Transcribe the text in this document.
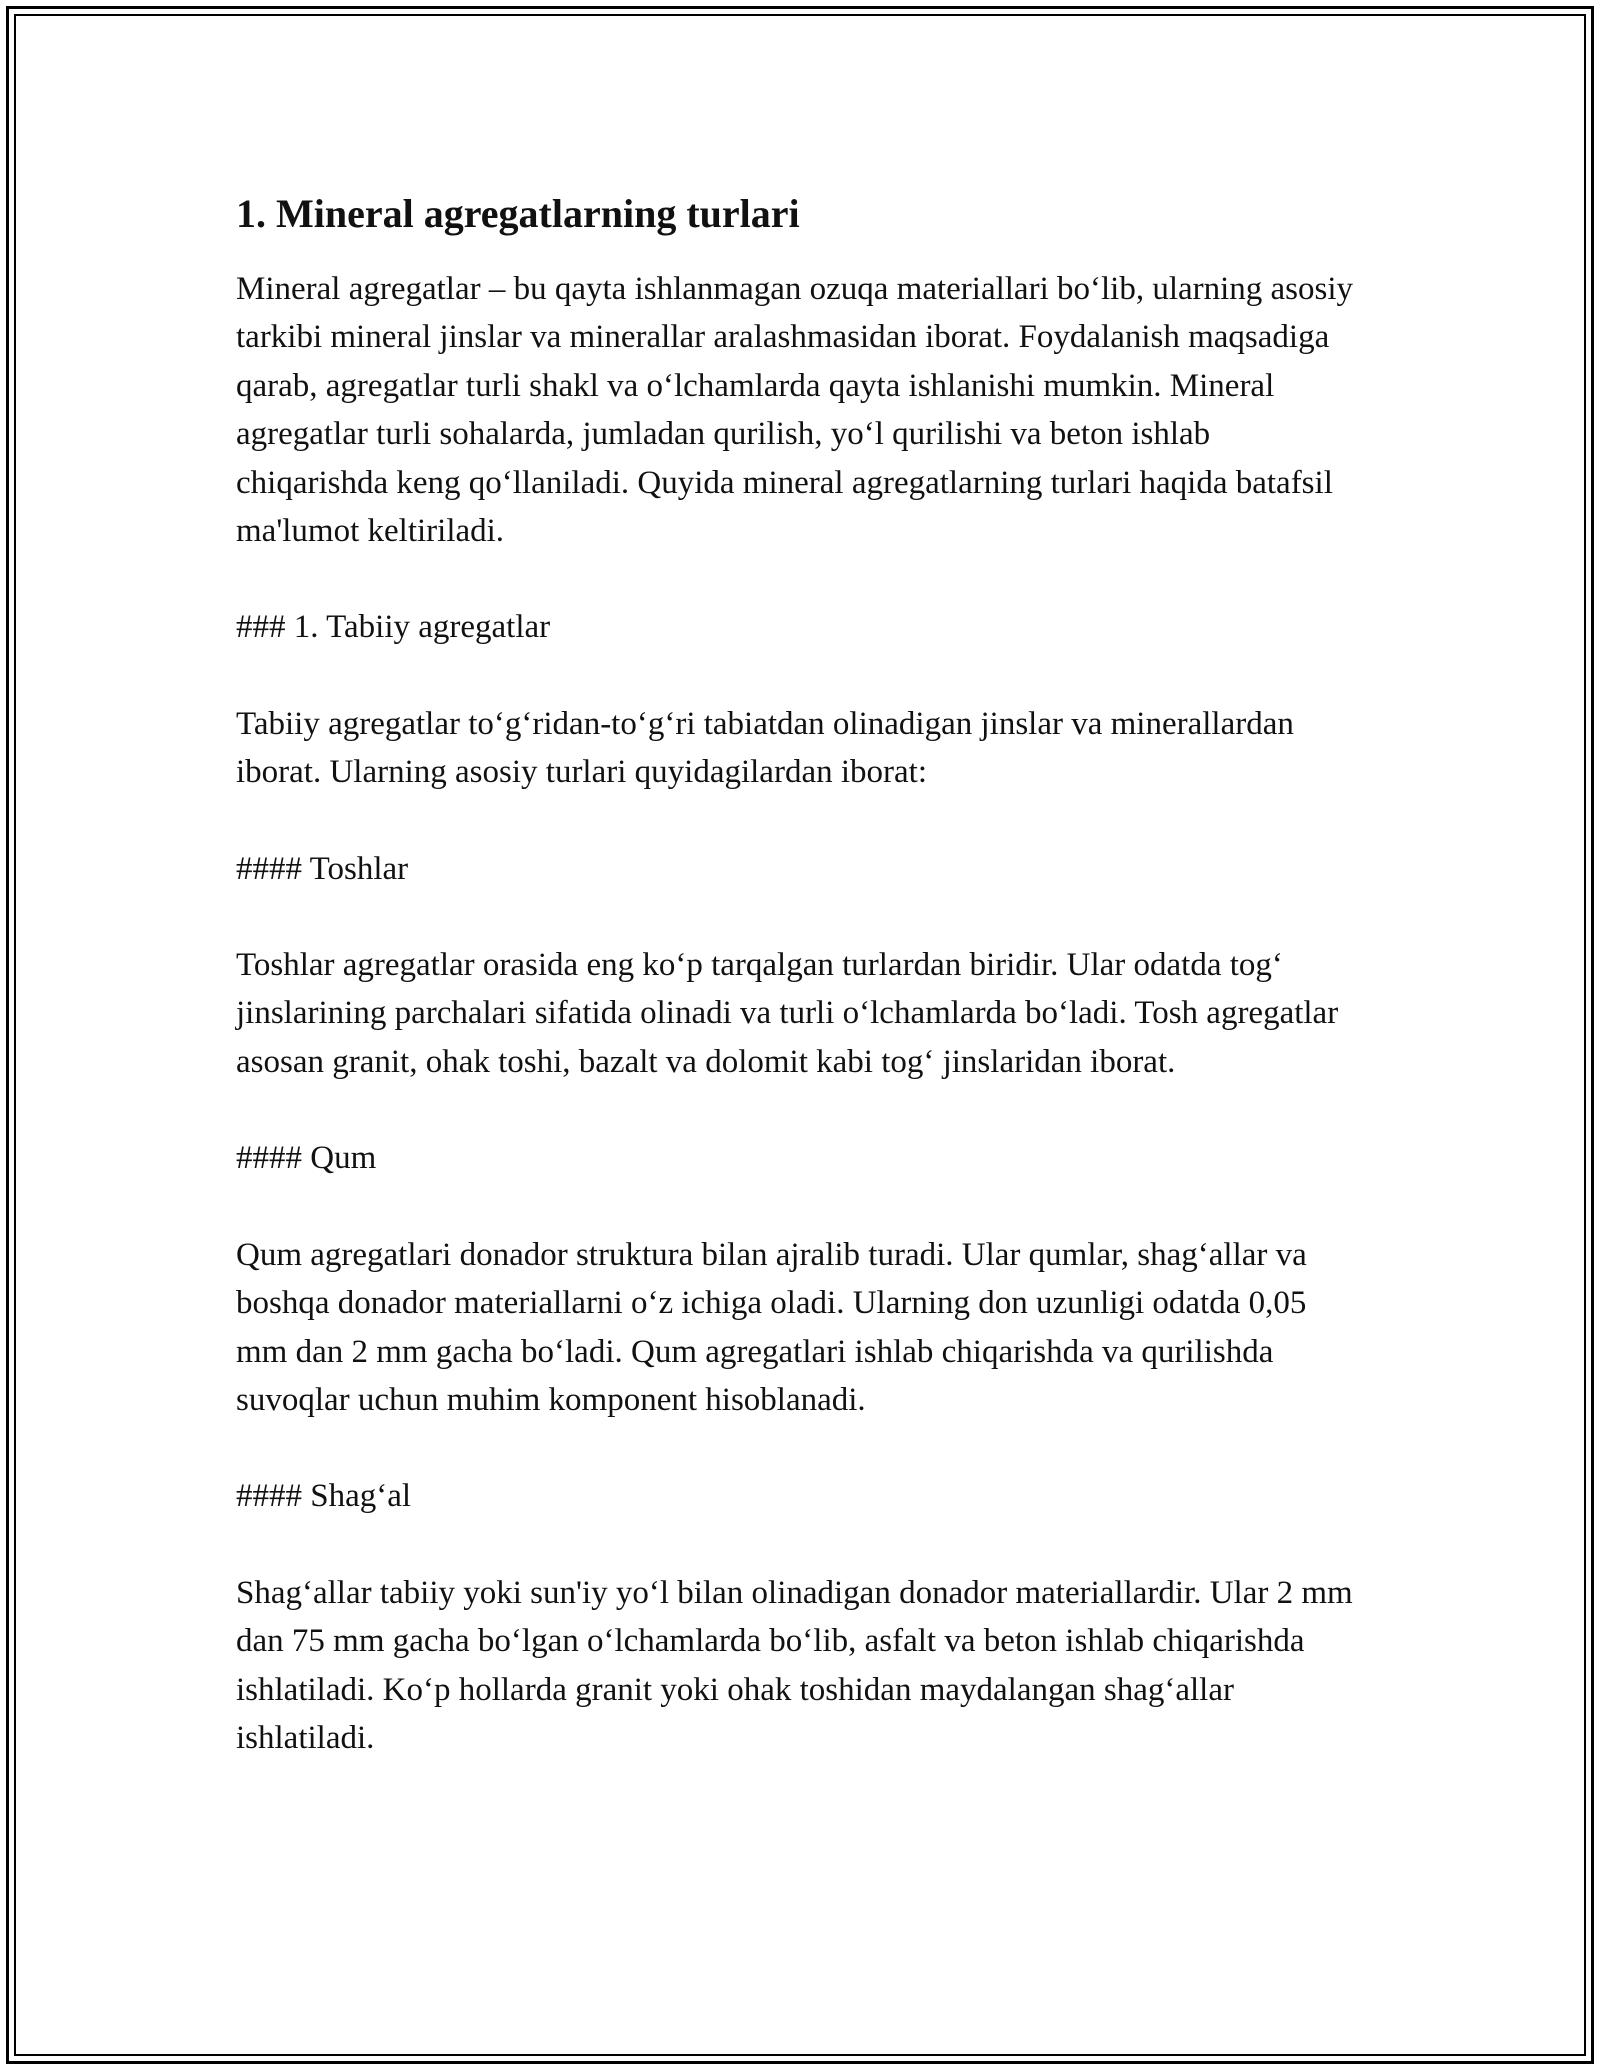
1. Mineral agregatlarning turlari

Mineral agregatlar – bu qayta ishlanmagan ozuqa materiallari bo‘lib, ularning asosiy tarkibi mineral jinslar va minerallar aralashmasidan iborat. Foydalanish maqsadiga qarab, agregatlar turli shakl va o‘lchamlarda qayta ishlanishi mumkin. Mineral agregatlar turli sohalarda, jumladan qurilish, yo‘l qurilishi va beton ishlab chiqarishda keng qo‘llaniladi. Quyida mineral agregatlarning turlari haqida batafsil ma'lumot keltiriladi.

### 1. Tabiiy agregatlar

Tabiiy agregatlar to‘g‘ridan-to‘g‘ri tabiatdan olinadigan jinslar va minerallardan iborat. Ularning asosiy turlari quyidagilardan iborat:

#### Toshlar

Toshlar agregatlar orasida eng ko‘p tarqalgan turlardan biridir. Ular odatda tog‘ jinslarining parchalari sifatida olinadi va turli o‘lchamlarda bo‘ladi. Tosh agregatlar asosan granit, ohak toshi, bazalt va dolomit kabi tog‘ jinslaridan iborat.

#### Qum

Qum agregatlari donador struktura bilan ajralib turadi. Ular qumlar, shag‘allar va boshqa donador materiallarni o‘z ichiga oladi. Ularning don uzunligi odatda 0,05 mm dan 2 mm gacha bo‘ladi. Qum agregatlari ishlab chiqarishda va qurilishda suvoqlar uchun muhim komponent hisoblanadi.

#### Shag‘al

Shag‘allar tabiiy yoki sun'iy yo‘l bilan olinadigan donador materiallardir. Ular 2 mm dan 75 mm gacha bo‘lgan o‘lchamlarda bo‘lib, asfalt va beton ishlab chiqarishda ishlatiladi. Ko‘p hollarda granit yoki ohak toshidan maydalangan shag‘allar ishlatiladi.
